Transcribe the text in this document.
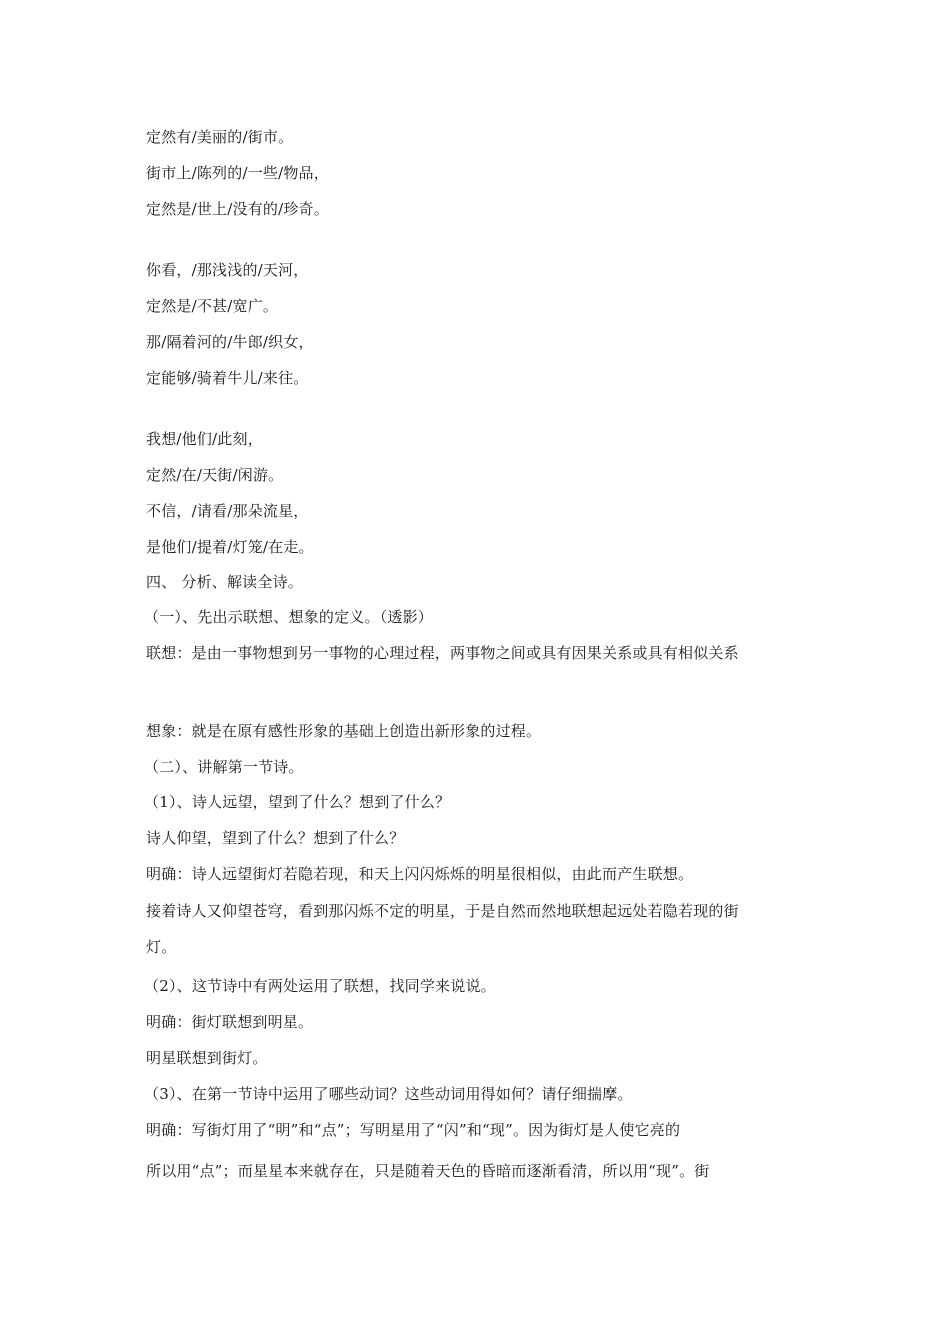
定然有/美丽的/街市。
街市上/陈列的/一些/物品，
定然是/世上/没有的/珍奇。
你看，/那浅浅的/天河，
定然是/不甚/宽广。
那/隔着河的/牛郎/织女，
定能够/骑着牛儿/来往。
我想/他们/此刻，
定然/在/天街/闲游。
不信，/请看/那朵流星，
是他们/提着/灯笼/在走。
四、 分析、解读全诗。
（一）、先出示联想、想象的定义。（透影）
联想：是由一事物想到另一事物的心理过程，两事物之间或具有因果关系或具有相似关系
想象：就是在原有感性形象的基础上创造出新形象的过程。
（二）、讲解第一节诗。
（1）、诗人远望，望到了什么？想到了什么？
诗人仰望，望到了什么？想到了什么？
明确：诗人远望街灯若隐若现，和天上闪闪烁烁的明星很相似，由此而产生联想。
接着诗人又仰望苍穹，看到那闪烁不定的明星，于是自然而然地联想起远处若隐若现的街
灯。
（2）、这节诗中有两处运用了联想，找同学来说说。
明确：街灯联想到明星。
明星联想到街灯。
（3）、在第一节诗中运用了哪些动词？这些动词用得如何？请仔细揣摩。
明确：写街灯用了“明”和“点”；写明星用了“闪”和“现”。因为街灯是人使它亮的
所以用“点”；而星星本来就存在，只是随着天色的昏暗而逐渐看清，所以用“现”。街
